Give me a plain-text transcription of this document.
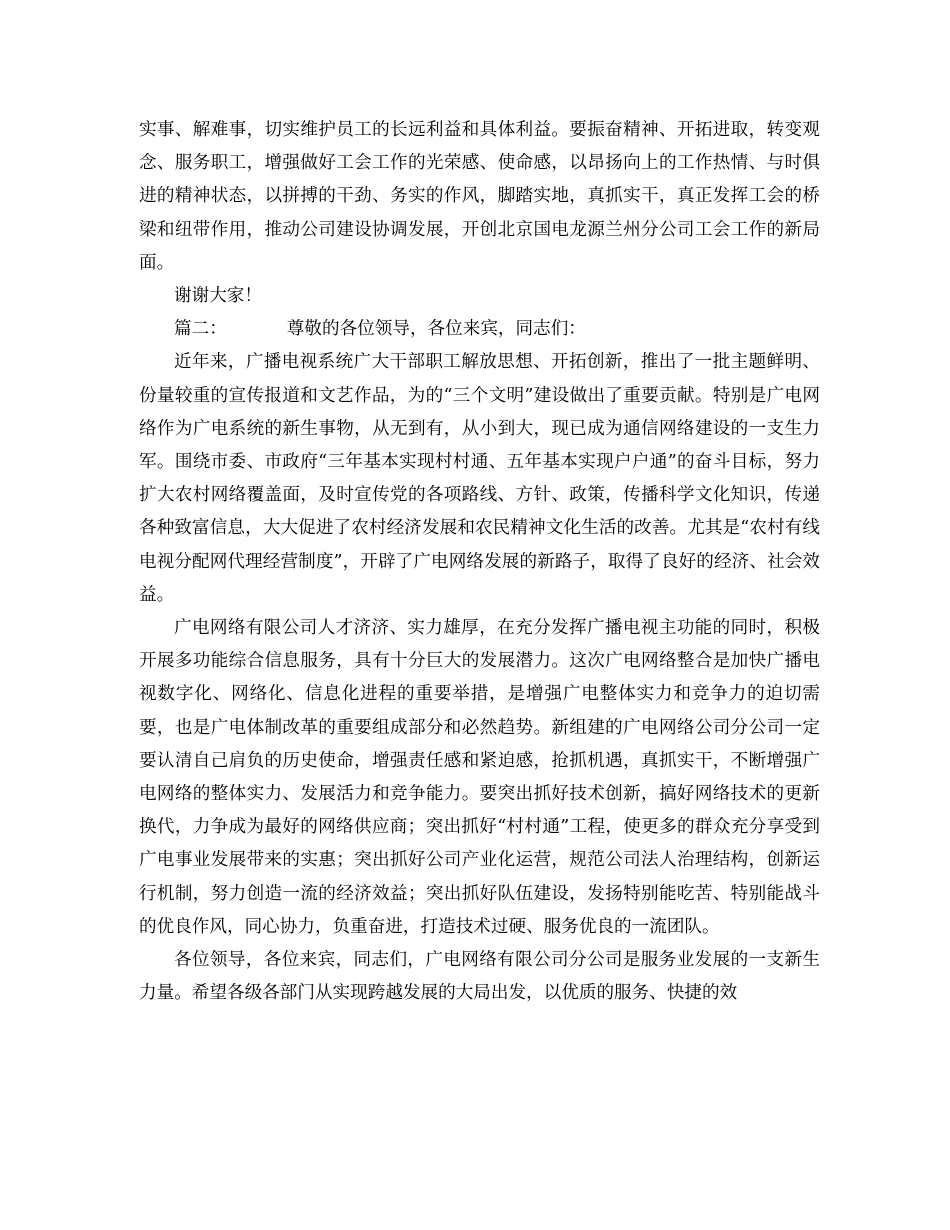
实事、解难事，切实维护员工的长远利益和具体利益。要振奋精神、开拓进取，转变观念、服务职工，增强做好工会工作的光荣感、使命感，以昂扬向上的工作热情、与时俱进的精神状态，以拼搏的干劲、务实的作风，脚踏实地，真抓实干，真正发挥工会的桥梁和纽带作用，推动公司建设协调发展，开创北京国电龙源兰州分公司工会工作的新局面。

谢谢大家！

篇二：	尊敬的各位领导，各位来宾，同志们：

近年来，广播电视系统广大干部职工解放思想、开拓创新，推出了一批主题鲜明、份量较重的宣传报道和文艺作品，为的“三个文明”建设做出了重要贡献。特别是广电网络作为广电系统的新生事物，从无到有，从小到大，现已成为通信网络建设的一支生力军。围绕市委、市政府“三年基本实现村村通、五年基本实现户户通”的奋斗目标，努力扩大农村网络覆盖面，及时宣传党的各项路线、方针、政策，传播科学文化知识，传递各种致富信息，大大促进了农村经济发展和农民精神文化生活的改善。尤其是“农村有线电视分配网代理经营制度”，开辟了广电网络发展的新路子，取得了良好的经济、社会效益。

广电网络有限公司人才济济、实力雄厚，在充分发挥广播电视主功能的同时，积极开展多功能综合信息服务，具有十分巨大的发展潜力。这次广电网络整合是加快广播电视数字化、网络化、信息化进程的重要举措，是增强广电整体实力和竞争力的迫切需要，也是广电体制改革的重要组成部分和必然趋势。新组建的广电网络公司分公司一定要认清自己肩负的历史使命，增强责任感和紧迫感，抢抓机遇，真抓实干，不断增强广电网络的整体实力、发展活力和竞争能力。要突出抓好技术创新，搞好网络技术的更新换代，力争成为最好的网络供应商；突出抓好“村村通”工程，使更多的群众充分享受到广电事业发展带来的实惠；突出抓好公司产业化运营，规范公司法人治理结构，创新运行机制，努力创造一流的经济效益；突出抓好队伍建设，发扬特别能吃苦、特别能战斗的优良作风，同心协力，负重奋进，打造技术过硬、服务优良的一流团队。

各位领导，各位来宾，同志们，广电网络有限公司分公司是服务业发展的一支新生力量。希望各级各部门从实现跨越发展的大局出发，以优质的服务、快捷的效
